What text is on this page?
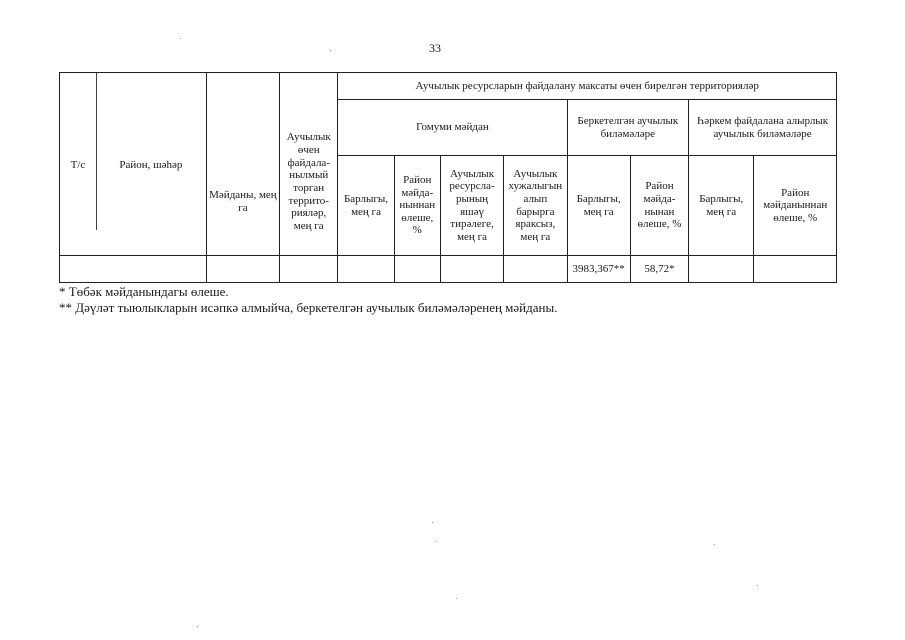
33
Т/с Район, шәһәр	Мәйданы, мең га	Аучылык өчен файдала-нылмый торган террито-рияләр, мең га	Аучылык ресурсларын файдалану максаты өчен бирелгән территорияләр							
			Гомуми мәйдан				Беркетелгән аучылык биләмәләре		Һәркем файдалана алырлык аучылык биләмәләре	
			Барлыгы, мең га	Район мәйда-ныннан өлеше, %	Аучылык ресурсла-рының яшәү тирәлеге, мең га	Аучылык хужалыгын алып барырга яраксыз, мең га	Барлыгы, мең га	Район мәйда-нынан өлеше, %	Барлыгы, мең га	Район мәйданыннан өлеше, %

							3983,367**	58,72*		
* Төбәк мәйданындагы өлеше.
** Дәүләт тыюлыкларын исәпкә алмыйча, беркетелгән аучылык биләмәләренең мәйданы.
